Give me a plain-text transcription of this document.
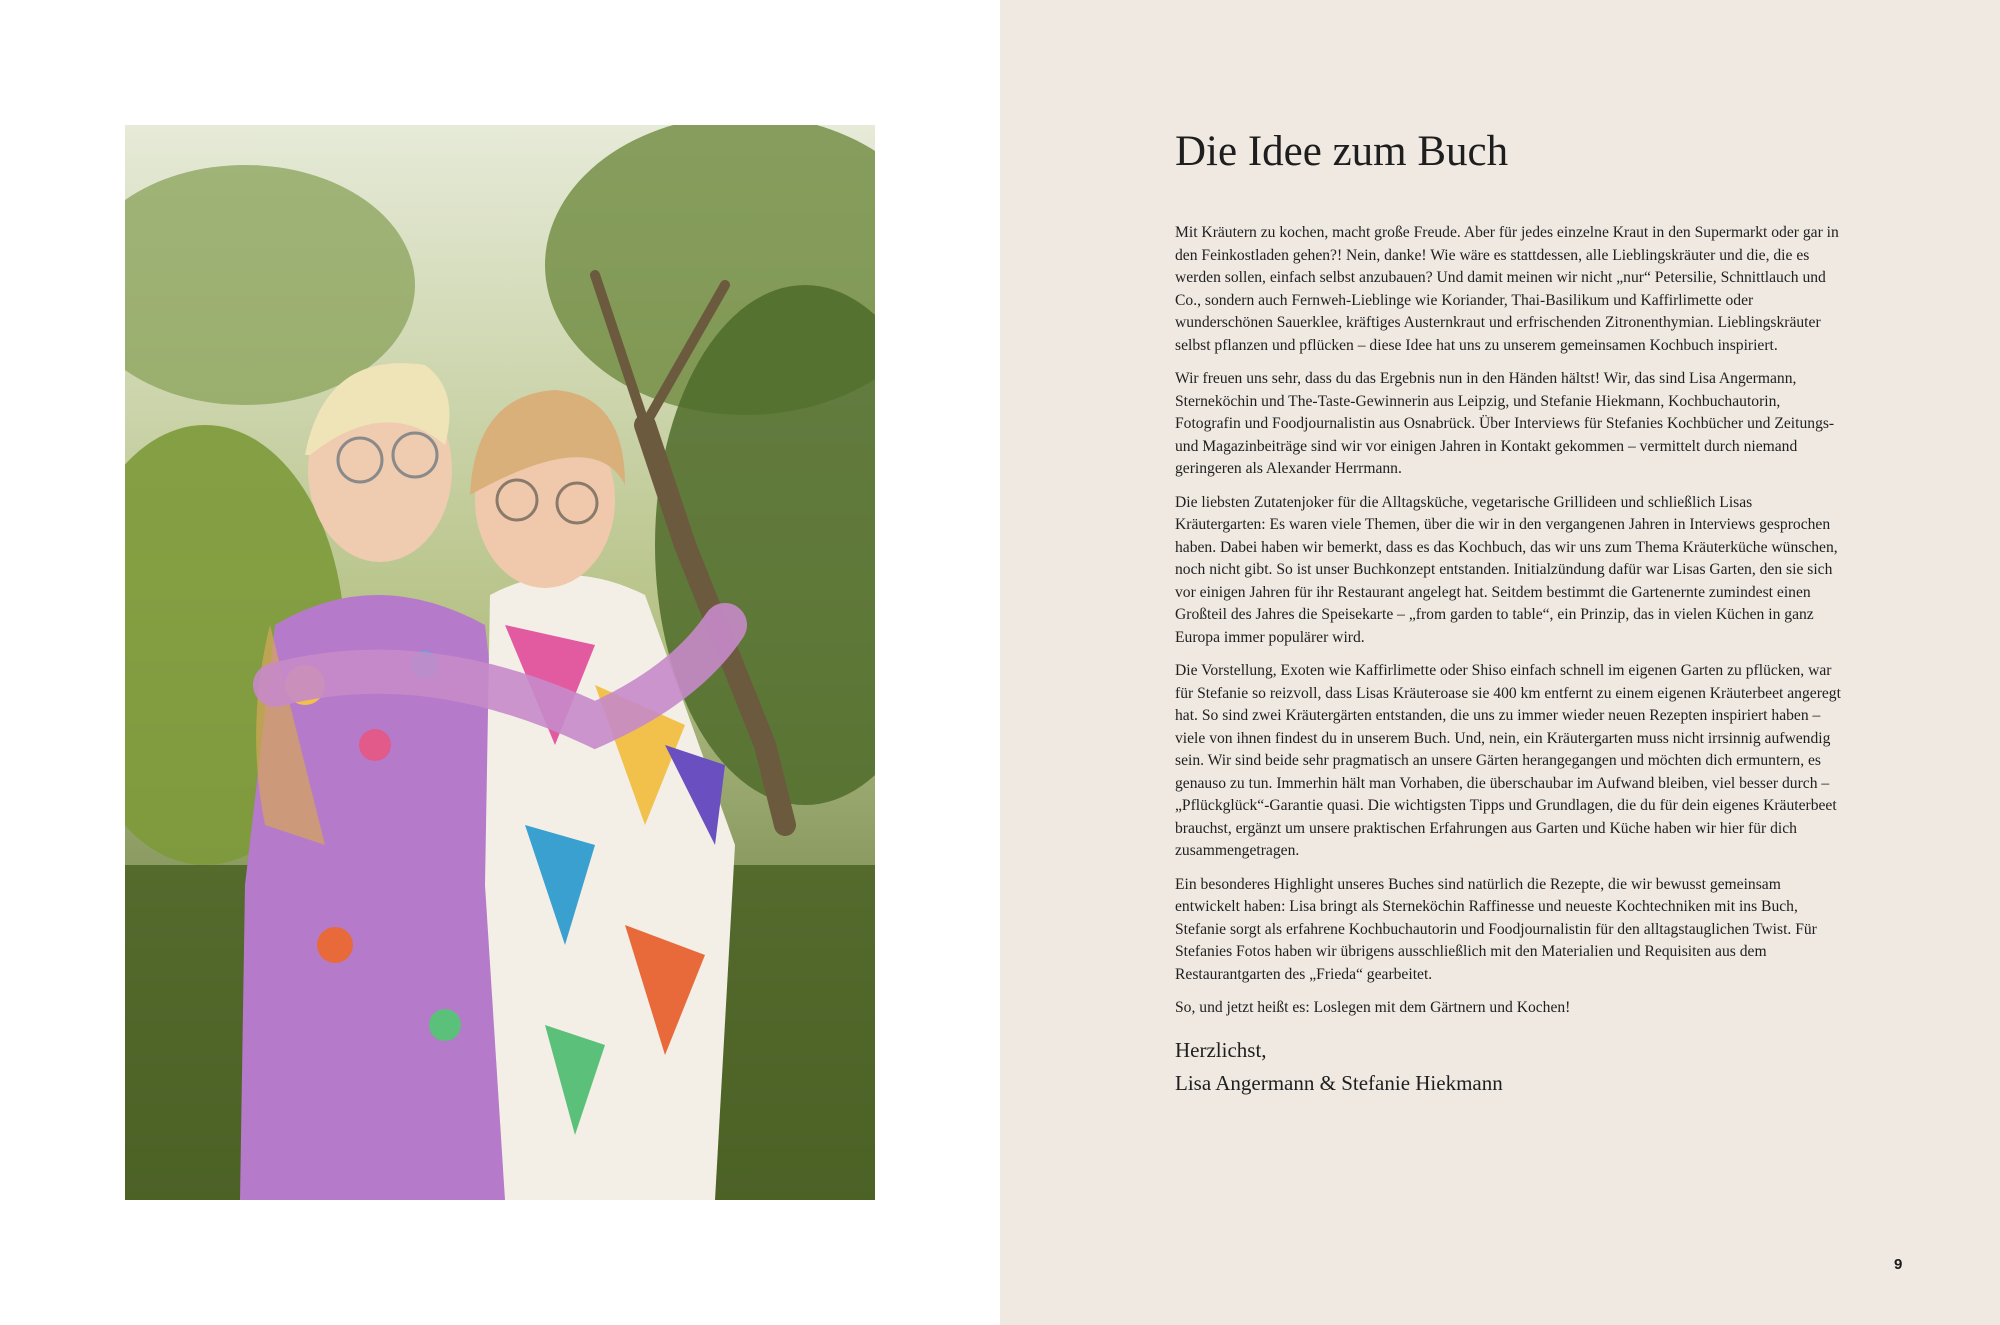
Die Idee zum Buch

Mit Kräutern zu kochen, macht große Freude. Aber für jedes einzelne Kraut in den Supermarkt oder gar in den Feinkostladen gehen?! Nein, danke! Wie wäre es stattdessen, alle Lieblingskräuter und die, die es werden sollen, einfach selbst anzubauen? Und damit meinen wir nicht „nur“ Petersilie, Schnittlauch und Co., sondern auch Fernweh-Lieblinge wie Koriander, Thai-Basilikum und Kaffirlimette oder wunderschönen Sauerklee, kräftiges Austernkraut und erfrischenden Zitronenthymian. Lieblingskräuter selbst pflanzen und pflücken – diese Idee hat uns zu unserem gemeinsamen Kochbuch inspiriert.

Wir freuen uns sehr, dass du das Ergebnis nun in den Händen hältst! Wir, das sind Lisa Angermann, Sterneköchin und The-Taste-Gewinnerin aus Leipzig, und Stefanie Hiekmann, Kochbuchautorin, Fotografin und Foodjournalistin aus Osnabrück. Über Interviews für Stefanies Kochbücher und Zeitungs- und Magazinbeiträge sind wir vor einigen Jahren in Kontakt gekommen – vermittelt durch niemand geringeren als Alexander Herrmann.

Die liebsten Zutatenjoker für die Alltagsküche, vegetarische Grillideen und schließlich Lisas Kräutergarten: Es waren viele Themen, über die wir in den vergangenen Jahren in Interviews gesprochen haben. Dabei haben wir bemerkt, dass es das Kochbuch, das wir uns zum Thema Kräuterküche wünschen, noch nicht gibt. So ist unser Buchkonzept entstanden. Initialzündung dafür war Lisas Garten, den sie sich vor einigen Jahren für ihr Restaurant angelegt hat. Seitdem bestimmt die Gartenernte zumindest einen Großteil des Jahres die Speisekarte – „from garden to table“, ein Prinzip, das in vielen Küchen in ganz Europa immer populärer wird.

Die Vorstellung, Exoten wie Kaffirlimette oder Shiso einfach schnell im eigenen Garten zu pflücken, war für Stefanie so reizvoll, dass Lisas Kräuteroase sie 400 km entfernt zu einem eigenen Kräuterbeet angeregt hat. So sind zwei Kräutergärten entstanden, die uns zu immer wieder neuen Rezepten inspiriert haben – viele von ihnen findest du in unserem Buch. Und, nein, ein Kräutergarten muss nicht irrsinnig aufwendig sein. Wir sind beide sehr pragmatisch an unsere Gärten herangegangen und möchten dich ermuntern, es genauso zu tun. Immerhin hält man Vorhaben, die überschaubar im Aufwand bleiben, viel besser durch – „Pflückglück“-Garantie quasi. Die wichtigsten Tipps und Grundlagen, die du für dein eigenes Kräuterbeet brauchst, ergänzt um unsere praktischen Erfahrungen aus Garten und Küche haben wir hier für dich zusammengetragen.

Ein besonderes Highlight unseres Buches sind natürlich die Rezepte, die wir bewusst gemeinsam entwickelt haben: Lisa bringt als Sterneköchin Raffinesse und neueste Kochtechniken mit ins Buch, Stefanie sorgt als erfahrene Kochbuchautorin und Foodjournalistin für den alltagstauglichen Twist. Für Stefanies Fotos haben wir übrigens ausschließlich mit den Materialien und Requisiten aus dem Restaurantgarten des „Frieda“ gearbeitet.

So, und jetzt heißt es: Loslegen mit dem Gärtnern und Kochen!

Herzlichst,
Lisa Angermann & Stefanie Hiekmann
9
